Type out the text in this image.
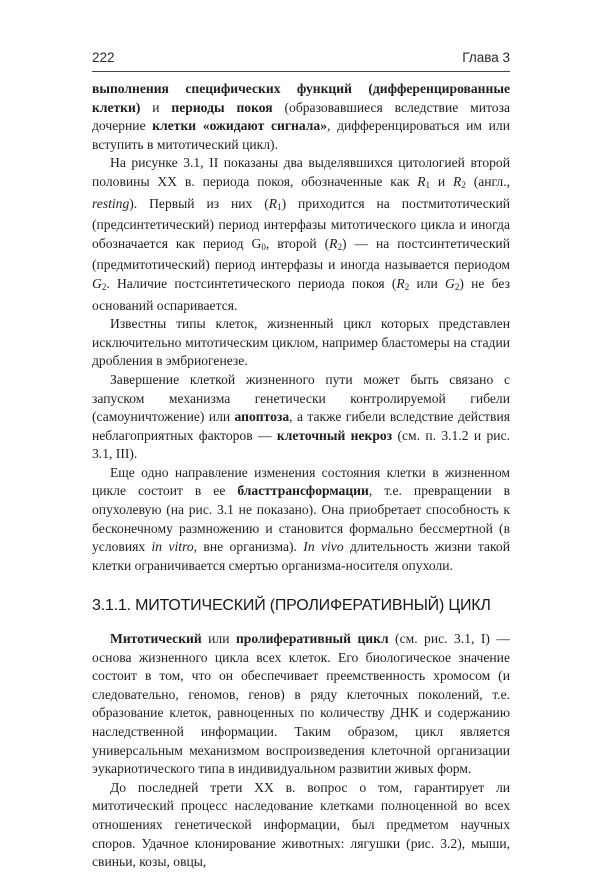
222	Глава 3

выполнения специфических функций (дифференцированные клетки) и периоды покоя (образовавшиеся вследствие митоза дочерние клетки «ожидают сигнала», дифференцироваться им или вступить в митотический цикл).

На рисунке 3.1, II показаны два выделявшихся цитологией второй половины XX в. периода покоя, обозначенные как $R_1$ и $R_2$ (англ., resting). Первый из них $(R_1)$ приходится на постмитотический (предсинтетический) период интерфазы митотического цикла и иногда обозначается как период $G_0$, второй $(R_2)$ — на постсинтетический (предмитотический) период интерфазы и иногда называется периодом $G_2$. Наличие постсинтетического периода покоя ($R_2$ или $G_2$) не без оснований оспаривается.

Известны типы клеток, жизненный цикл которых представлен исключительно митотическим циклом, например бластомеры на стадии дробления в эмбриогенезе.

Завершение клеткой жизненного пути может быть связано с запуском механизма генетически контролируемой гибели (самоуничтожение) или апоптоза, а также гибели вследствие действия неблагоприятных факторов — клеточный некроз (см. п. 3.1.2 и рис. 3.1, III).

Еще одно направление изменения состояния клетки в жизненном цикле состоит в ее бласттрансформации, т.е. превращении в опухолевую (на рис. 3.1 не показано). Она приобретает способность к бесконечному размножению и становится формально бессмертной (в условиях in vitro, вне организма). In vivo длительность жизни такой клетки ограничивается смертью организма-носителя опухоли.

3.1.1. МИТОТИЧЕСКИЙ (ПРОЛИФЕРАТИВНЫЙ) ЦИКЛ

Митотический или пролиферативный цикл (см. рис. 3.1, I) — основа жизненного цикла всех клеток. Его биологическое значение состоит в том, что он обеспечивает преемственность хромосом (и следовательно, геномов, генов) в ряду клеточных поколений, т.е. образование клеток, равноценных по количеству ДНК и содержанию наследственной информации. Таким образом, цикл является универсальным механизмом воспроизведения клеточной организации эукариотического типа в индивидуальном развитии живых форм.

До последней трети XX в. вопрос о том, гарантирует ли митотический процесс наследование клетками полноценной во всех отношениях генетической информации, был предметом научных споров. Удачное клонирование животных: лягушки (рис. 3.2), мыши, свиньи, козы, овцы,
